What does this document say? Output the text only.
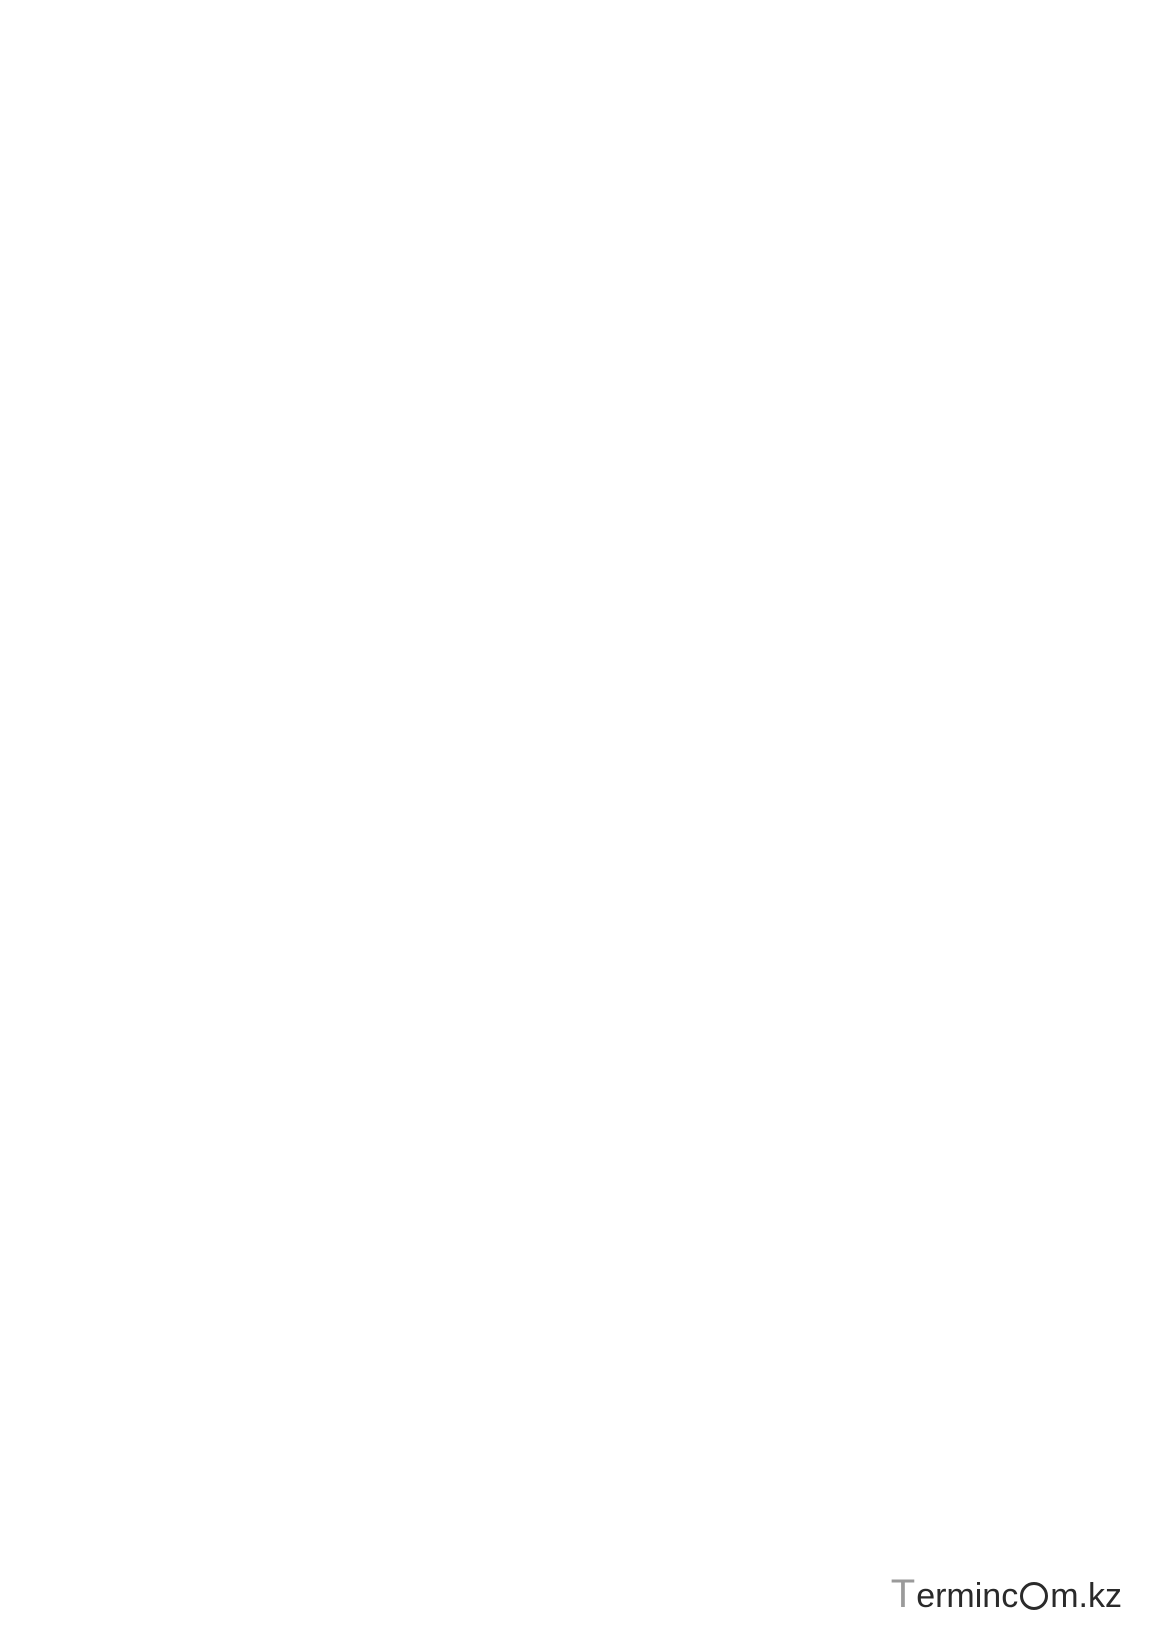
T erminc m.kz
